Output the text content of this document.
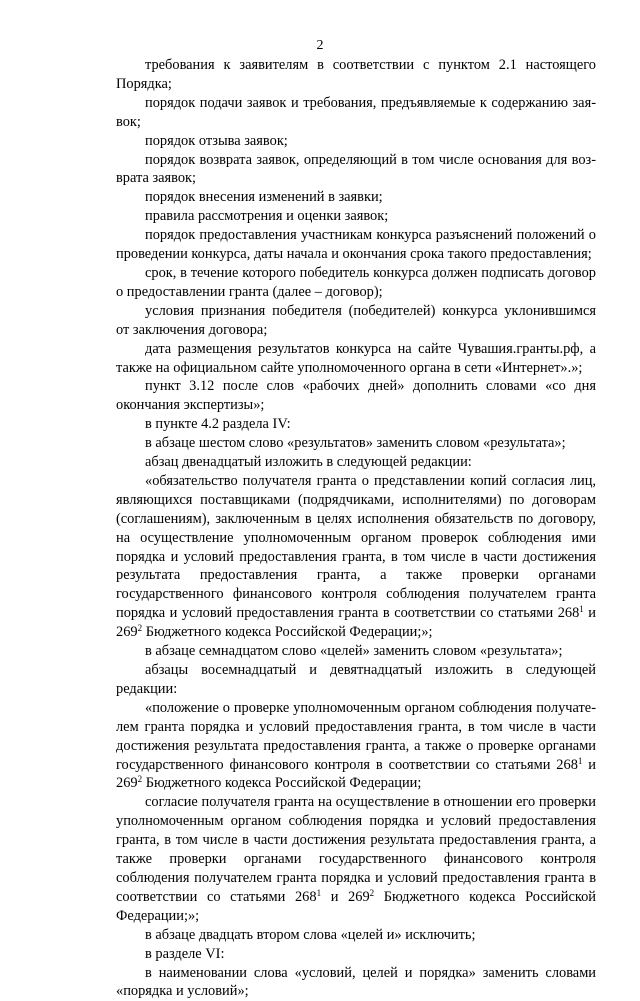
2

требования к заявителям в соответствии с пунктом 2.1 настоящего Порядка;

порядок подачи заявок и требования, предъявляемые к содержанию заявок;

порядок отзыва заявок;

порядок возврата заявок, определяющий в том числе основания для возврата заявок;

порядок внесения изменений в заявки;

правила рассмотрения и оценки заявок;

порядок предоставления участникам конкурса разъяснений положений о проведении конкурса, даты начала и окончания срока такого предоставления;

срок, в течение которого победитель конкурса должен подписать договор о предоставлении гранта (далее – договор);

условия признания победителя (победителей) конкурса уклонившимся от заключения договора;

дата размещения результатов конкурса на сайте Чувашия.гранты.рф, а также на официальном сайте уполномоченного органа в сети «Интернет».»;

пункт 3.12 после слов «рабочих дней» дополнить словами «со дня окончания экспертизы»;

в пункте 4.2 раздела IV:

в абзаце шестом слово «результатов» заменить словом «результата»;

абзац двенадцатый изложить в следующей редакции:

«обязательство получателя гранта о представлении копий согласия лиц, являющихся поставщиками (подрядчиками, исполнителями) по договорам (соглашениям), заключенным в целях исполнения обязательств по договору, на осуществление уполномоченным органом проверок соблюдения ими порядка и условий предоставления гранта, в том числе в части достижения результата предоставления гранта, а также проверки органами государственного финансового контроля соблюдения получателем гранта порядка и условий предоставления гранта в соответствии со статьями $268^1$ и $269^2$ Бюджетного кодекса Российской Федерации;»;

в абзаце семнадцатом слово «целей» заменить словом «результата»;

абзацы восемнадцатый и девятнадцатый изложить в следующей редакции:

«положение о проверке уполномоченным органом соблюдения получателем гранта порядка и условий предоставления гранта, в том числе в части достижения результата предоставления гранта, а также о проверке органами государственного финансового контроля в соответствии со статьями $268^1$ и $269^2$ Бюджетного кодекса Российской Федерации;

согласие получателя гранта на осуществление в отношении его проверки уполномоченным органом соблюдения порядка и условий предоставления гранта, в том числе в части достижения результата предоставления гранта, а также проверки органами государственного финансового контроля соблюдения получателем гранта порядка и условий предоставления гранта в соответствии со статьями $268^1$ и $269^2$ Бюджетного кодекса Российской Федерации;»;

в абзаце двадцать втором слова «целей и» исключить;

в разделе VI:

в наименовании слова «условий, целей и порядка» заменить словами «порядка и условий»;
